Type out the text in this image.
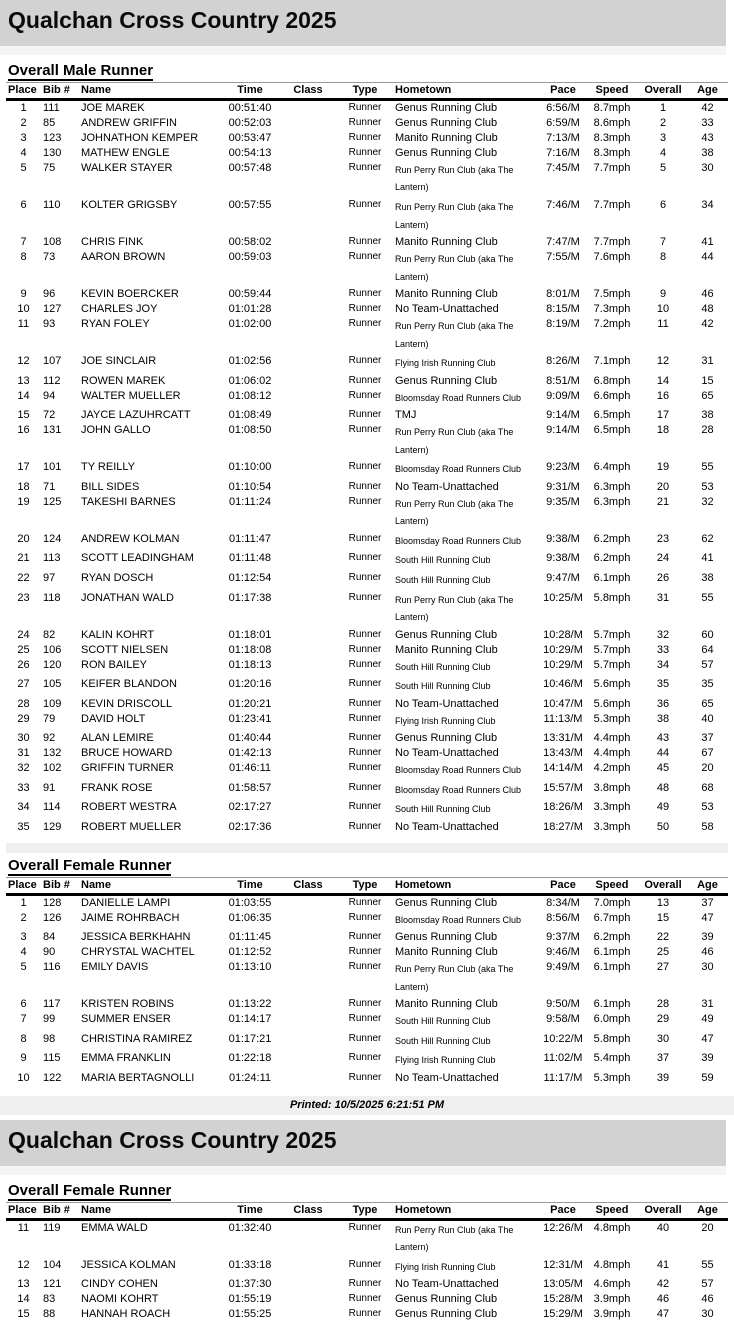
Qualchan Cross Country 2025
Overall Male Runner
Place	Bib #	Name	Time	Class	Type	Hometown	Pace	Speed	Overall	Age
1	111	JOE MAREK	00:51:40		Runner	Genus Running Club	6:56/M	8.7mph	1	42
2	85	ANDREW GRIFFIN	00:52:03		Runner	Genus Running Club	6:59/M	8.6mph	2	33
3	123	JOHNATHON KEMPER	00:53:47		Runner	Manito Running Club	7:13/M	8.3mph	3	43
4	130	MATHEW ENGLE	00:54:13		Runner	Genus Running Club	7:16/M	8.3mph	4	38
5	75	WALKER STAYER	00:57:48		Runner	Run Perry Run Club (aka The Lantern)	7:45/M	7.7mph	5	30
6	110	KOLTER GRIGSBY	00:57:55		Runner	Run Perry Run Club (aka The Lantern)	7:46/M	7.7mph	6	34
7	108	CHRIS FINK	00:58:02		Runner	Manito Running Club	7:47/M	7.7mph	7	41
8	73	AARON BROWN	00:59:03		Runner	Run Perry Run Club (aka The Lantern)	7:55/M	7.6mph	8	44
9	96	KEVIN BOERCKER	00:59:44		Runner	Manito Running Club	8:01/M	7.5mph	9	46
10	127	CHARLES JOY	01:01:28		Runner	No Team-Unattached	8:15/M	7.3mph	10	48
11	93	RYAN FOLEY	01:02:00		Runner	Run Perry Run Club (aka The Lantern)	8:19/M	7.2mph	11	42
12	107	JOE SINCLAIR	01:02:56		Runner	Flying Irish Running Club	8:26/M	7.1mph	12	31
13	112	ROWEN MAREK	01:06:02		Runner	Genus Running Club	8:51/M	6.8mph	14	15
14	94	WALTER MUELLER	01:08:12		Runner	Bloomsday Road Runners Club	9:09/M	6.6mph	16	65
15	72	JAYCE LAZUHRCATT	01:08:49		Runner	TMJ	9:14/M	6.5mph	17	38
16	131	JOHN GALLO	01:08:50		Runner	Run Perry Run Club (aka The Lantern)	9:14/M	6.5mph	18	28
17	101	TY REILLY	01:10:00		Runner	Bloomsday Road Runners Club	9:23/M	6.4mph	19	55
18	71	BILL SIDES	01:10:54		Runner	No Team-Unattached	9:31/M	6.3mph	20	53
19	125	TAKESHI BARNES	01:11:24		Runner	Run Perry Run Club (aka The Lantern)	9:35/M	6.3mph	21	32
20	124	ANDREW KOLMAN	01:11:47		Runner	Bloomsday Road Runners Club	9:38/M	6.2mph	23	62
21	113	SCOTT LEADINGHAM	01:11:48		Runner	South Hill Running Club	9:38/M	6.2mph	24	41
22	97	RYAN DOSCH	01:12:54		Runner	South Hill Running Club	9:47/M	6.1mph	26	38
23	118	JONATHAN WALD	01:17:38		Runner	Run Perry Run Club (aka The Lantern)	10:25/M	5.8mph	31	55
24	82	KALIN KOHRT	01:18:01		Runner	Genus Running Club	10:28/M	5.7mph	32	60
25	106	SCOTT NIELSEN	01:18:08		Runner	Manito Running Club	10:29/M	5.7mph	33	64
26	120	RON BAILEY	01:18:13		Runner	South Hill Running Club	10:29/M	5.7mph	34	57
27	105	KEIFER BLANDON	01:20:16		Runner	South Hill Running Club	10:46/M	5.6mph	35	35
28	109	KEVIN DRISCOLL	01:20:21		Runner	No Team-Unattached	10:47/M	5.6mph	36	65
29	79	DAVID HOLT	01:23:41		Runner	Flying Irish Running Club	11:13/M	5.3mph	38	40
30	92	ALAN LEMIRE	01:40:44		Runner	Genus Running Club	13:31/M	4.4mph	43	37
31	132	BRUCE HOWARD	01:42:13		Runner	No Team-Unattached	13:43/M	4.4mph	44	67
32	102	GRIFFIN TURNER	01:46:11		Runner	Bloomsday Road Runners Club	14:14/M	4.2mph	45	20
33	91	FRANK ROSE	01:58:57		Runner	Bloomsday Road Runners Club	15:57/M	3.8mph	48	68
34	114	ROBERT WESTRA	02:17:27		Runner	South Hill Running Club	18:26/M	3.3mph	49	53
35	129	ROBERT MUELLER	02:17:36		Runner	No Team-Unattached	18:27/M	3.3mph	50	58
Overall Female Runner
Place	Bib #	Name	Time	Class	Type	Hometown	Pace	Speed	Overall	Age
1	128	DANIELLE LAMPI	01:03:55		Runner	Genus Running Club	8:34/M	7.0mph	13	37
2	126	JAIME ROHRBACH	01:06:35		Runner	Bloomsday Road Runners Club	8:56/M	6.7mph	15	47
3	84	JESSICA BERKHAHN	01:11:45		Runner	Genus Running Club	9:37/M	6.2mph	22	39
4	90	CHRYSTAL WACHTEL	01:12:52		Runner	Manito Running Club	9:46/M	6.1mph	25	46
5	116	EMILY DAVIS	01:13:10		Runner	Run Perry Run Club (aka The Lantern)	9:49/M	6.1mph	27	30
6	117	KRISTEN ROBINS	01:13:22		Runner	Manito Running Club	9:50/M	6.1mph	28	31
7	99	SUMMER ENSER	01:14:17		Runner	South Hill Running Club	9:58/M	6.0mph	29	49
8	98	CHRISTINA RAMIREZ	01:17:21		Runner	South Hill Running Club	10:22/M	5.8mph	30	47
9	115	EMMA FRANKLIN	01:22:18		Runner	Flying Irish Running Club	11:02/M	5.4mph	37	39
10	122	MARIA BERTAGNOLLI	01:24:11		Runner	No Team-Unattached	11:17/M	5.3mph	39	59
Printed: 10/5/2025 6:21:51 PM
Qualchan Cross Country 2025
Overall Female Runner
Place	Bib #	Name	Time	Class	Type	Hometown	Pace	Speed	Overall	Age
11	119	EMMA WALD	01:32:40		Runner	Run Perry Run Club (aka The Lantern)	12:26/M	4.8mph	40	20
12	104	JESSICA KOLMAN	01:33:18		Runner	Flying Irish Running Club	12:31/M	4.8mph	41	55
13	121	CINDY COHEN	01:37:30		Runner	No Team-Unattached	13:05/M	4.6mph	42	57
14	83	NAOMI KOHRT	01:55:19		Runner	Genus Running Club	15:28/M	3.9mph	46	46
15	88	HANNAH ROACH	01:55:25		Runner	Genus Running Club	15:29/M	3.9mph	47	30
